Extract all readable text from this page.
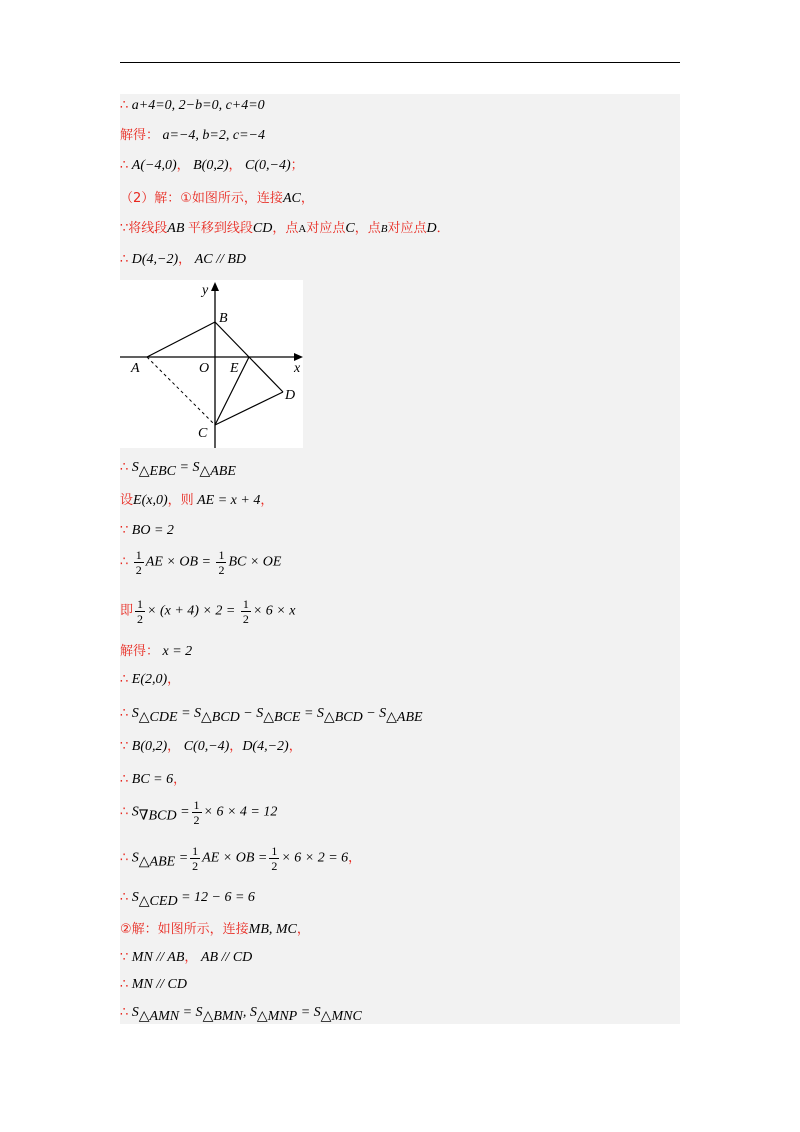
∴ a+4=0, 2−b=0, c+4=0
解得： a=−4, b=2, c=−4
∴ A(−4,0)， B(0,2)， C(0,−4)；
（2）解：①如图所示，连接AC，
∵将线段AB 平移到线段CD，点A对应点C，点B对应点D．
∴ D(4,−2)， AC // BD
y
x
B
A	O E
D
C
∴ $S_{\triangle EBC} = S_{\triangle ABE}$
设E(x,0)，则 AE = x + 4，
∵ BO = 2
∴ $\frac{1}{2}$ AE × OB = $\frac{1}{2}$ BC × OE
即 $\frac{1}{2} \times (x + 4) \times 2 = \frac{1}{2} \times 6 \times x$
解得： x = 2
∴ E(2,0)，
∴ $S_{\triangle CDE} = S_{\triangle BCD} - S_{\triangle BCE} = S_{\triangle BCD} - S_{\triangle ABE}$
∵ B(0,2)， C(0,−4)，D(4,−2)，
∴ BC = 6，
∴ $S_{\nabla BCD} = \frac{1}{2} \times 6 \times 4 = 12$
∴ $S_{\triangle ABE} = \frac{1}{2}$ AE × OB = $\frac{1}{2} \times 6 \times 2 = 6$，
∴ $S_{\triangle CED} = 12 - 6 = 6$
②解：如图所示，连接MB, MC，
∵ MN // AB， AB // CD
∴ MN // CD
∴ $S_{\triangle AMN} = S_{\triangle BMN}$, $S_{\triangle MNP} = S_{\triangle MNC}$
